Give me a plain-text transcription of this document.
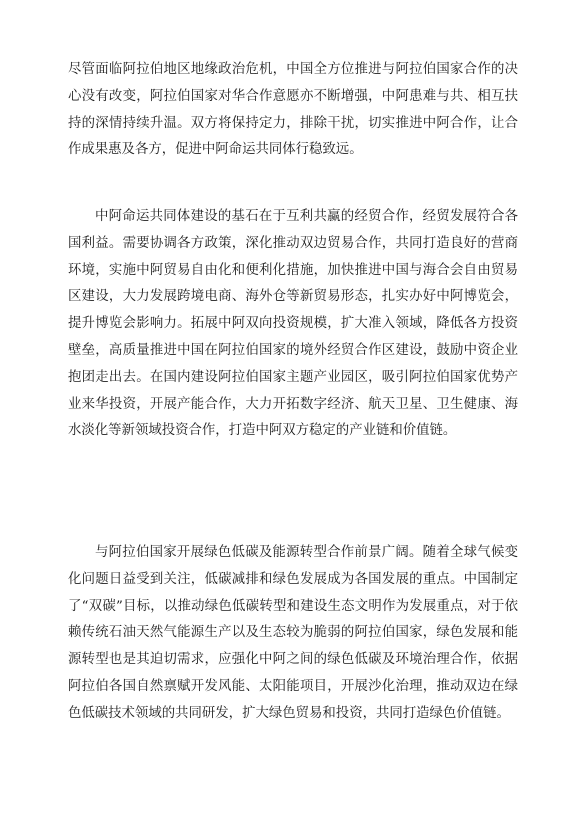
尽管面临阿拉伯地区地缘政治危机，中国全方位推进与阿拉伯国家合作的决心没有改变，阿拉伯国家对华合作意愿亦不断增强，中阿患难与共、相互扶持的深情持续升温。双方将保持定力，排除干扰，切实推进中阿合作，让合作成果惠及各方，促进中阿命运共同体行稳致远。

中阿命运共同体建设的基石在于互利共赢的经贸合作，经贸发展符合各国利益。需要协调各方政策，深化推动双边贸易合作，共同打造良好的营商环境，实施中阿贸易自由化和便利化措施，加快推进中国与海合会自由贸易区建设，大力发展跨境电商、海外仓等新贸易形态，扎实办好中阿博览会，提升博览会影响力。拓展中阿双向投资规模，扩大准入领域，降低各方投资壁垒，高质量推进中国在阿拉伯国家的境外经贸合作区建设，鼓励中资企业抱团走出去。在国内建设阿拉伯国家主题产业园区，吸引阿拉伯国家优势产业来华投资，开展产能合作，大力开拓数字经济、航天卫星、卫生健康、海水淡化等新领域投资合作，打造中阿双方稳定的产业链和价值链。

与阿拉伯国家开展绿色低碳及能源转型合作前景广阔。随着全球气候变化问题日益受到关注，低碳减排和绿色发展成为各国发展的重点。中国制定了“双碳”目标，以推动绿色低碳转型和建设生态文明作为发展重点，对于依赖传统石油天然气能源生产以及生态较为脆弱的阿拉伯国家，绿色发展和能源转型也是其迫切需求，应强化中阿之间的绿色低碳及环境治理合作，依据阿拉伯各国自然禀赋开发风能、太阳能项目，开展沙化治理，推动双边在绿色低碳技术领域的共同研发，扩大绿色贸易和投资，共同打造绿色价值链。
